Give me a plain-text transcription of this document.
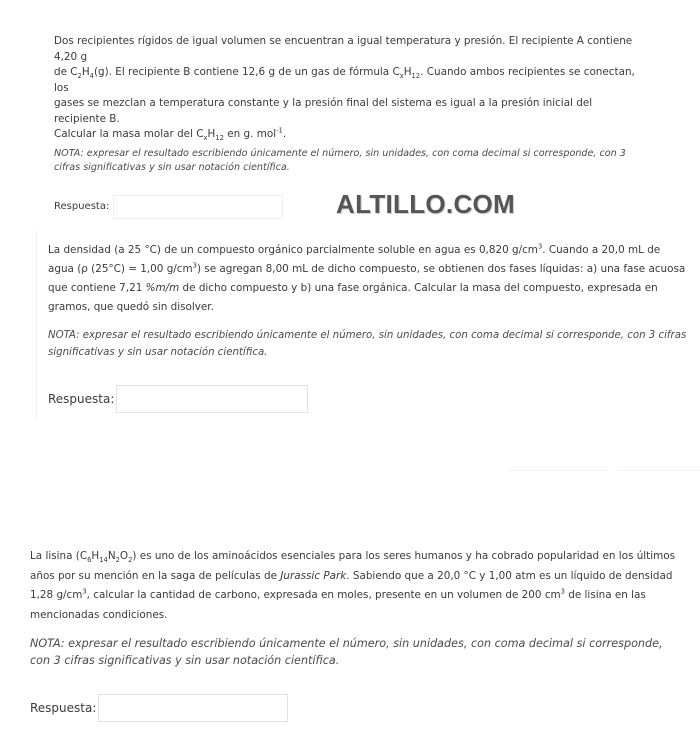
Dos recipientes rígidos de igual volumen se encuentran a igual temperatura y presión. El recipiente A contiene 4,20 g
de $C_2H_4(g)$. El recipiente B contiene 12,6 g de un gas de fórmula $C_xH_{12}$. Cuando ambos recipientes se conectan, los
gases se mezclan a temperatura constante y la presión final del sistema es igual a la presión inicial del recipiente B.
Calcular la masa molar del $C_xH_{12}$ en g. mol$^{-1}$.

NOTA: expresar el resultado escribiendo únicamente el número, sin unidades, con coma decimal si corresponde, con 3 cifras significativas y sin usar notación científica.

Respuesta:	ALTILLO.COM

La densidad (a 25 °C) de un compuesto orgánico parcialmente soluble en agua es 0,820 $g/cm^3$. Cuando a 20,0 mL de agua (ρ (25°C) = 1,00 $g/cm^3$) se agregan 8,00 mL de dicho compuesto, se obtienen dos fases líquidas: a) una fase acuosa que contiene 7,21 %m/m de dicho compuesto y b) una fase orgánica. Calcular la masa del compuesto, expresada en gramos, que quedó sin disolver.

NOTA: expresar el resultado escribiendo únicamente el número, sin unidades, con coma decimal si corresponde, con 3 cifras significativas y sin usar notación científica.

Respuesta:

La lisina $(C_6H_{14}N_2O_2)$ es uno de los aminoácidos esenciales para los seres humanos y ha cobrado popularidad en los últimos años por su mención en la saga de películas de Jurassic Park. Sabiendo que a 20,0 °C y 1,00 atm es un líquido de densidad 1,28 $g/cm^3$, calcular la cantidad de carbono, expresada en moles, presente en un volumen de 200 $cm^3$ de lisina en las mencionadas condiciones.

NOTA: expresar el resultado escribiendo únicamente el número, sin unidades, con coma decimal si corresponde, con 3 cifras significativas y sin usar notación científica.

Respuesta:
